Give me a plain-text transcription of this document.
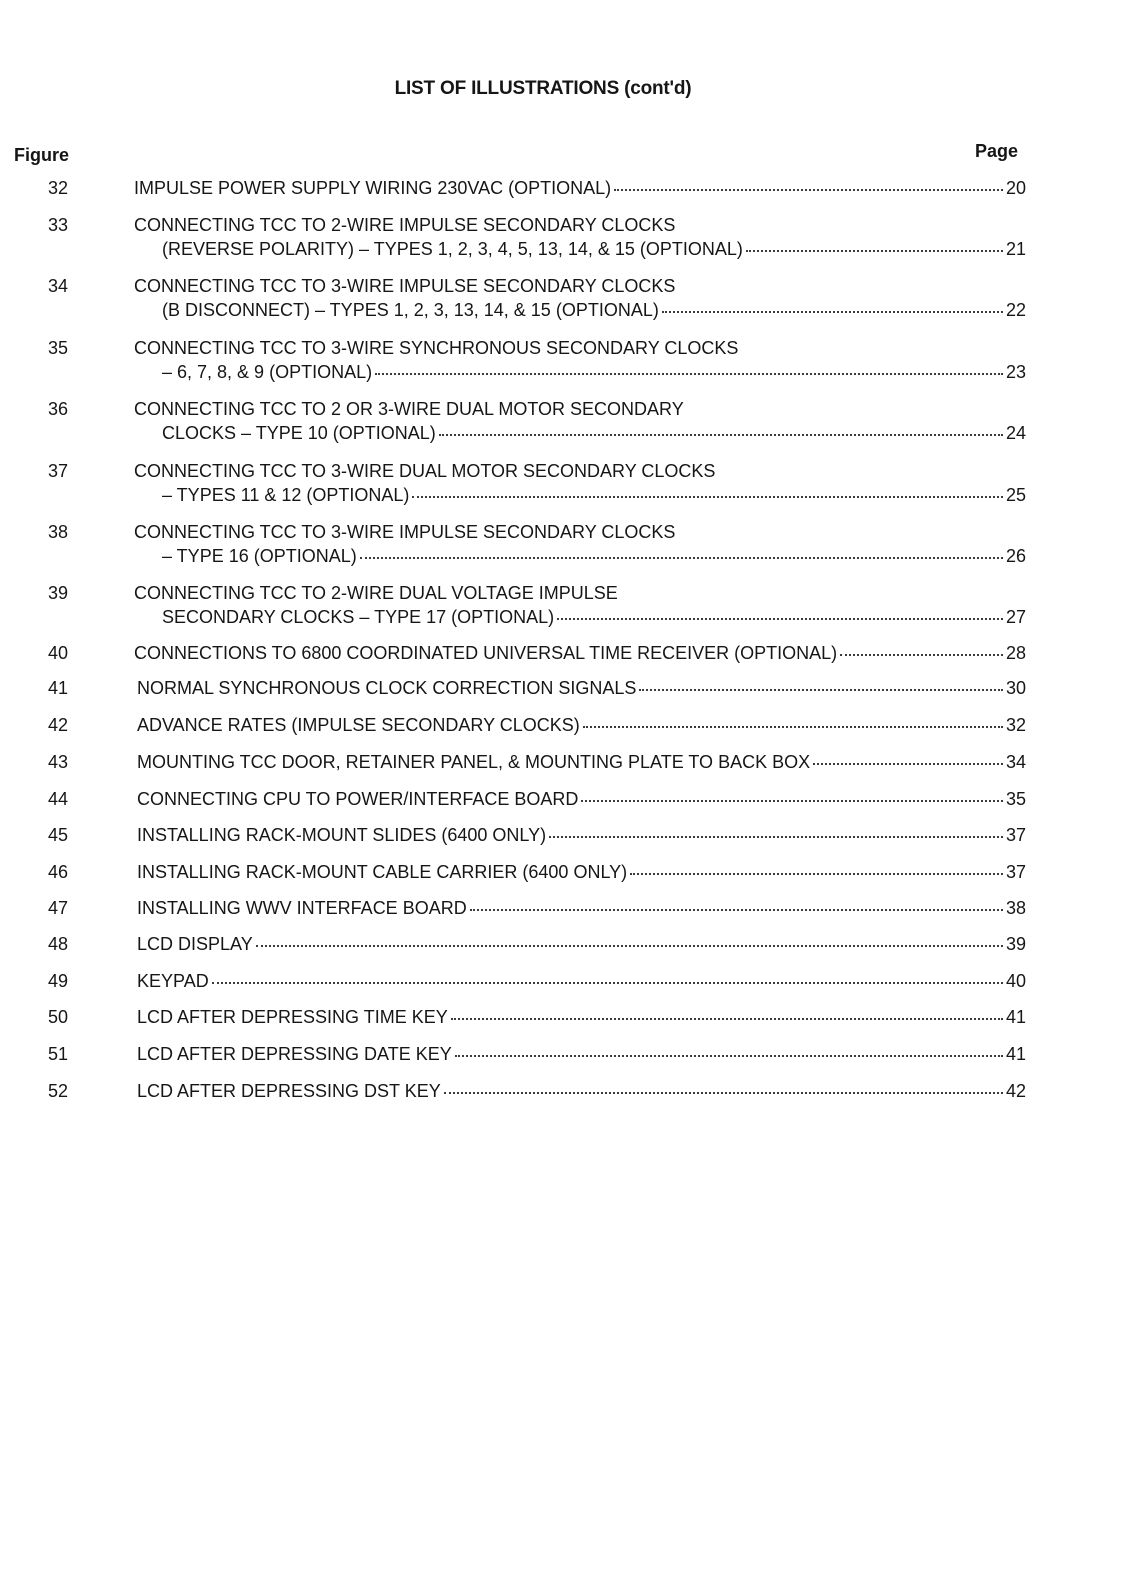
LIST OF ILLUSTRATIONS (cont'd)
Figure	Page
32	IMPULSE POWER SUPPLY WIRING 230VAC (OPTIONAL)	20
33	CONNECTING TCC TO 2-WIRE IMPULSE SECONDARY CLOCKS
(REVERSE POLARITY) – TYPES 1, 2, 3, 4, 5, 13, 14, & 15 (OPTIONAL)	21
34	CONNECTING TCC TO 3-WIRE IMPULSE SECONDARY CLOCKS
(B DISCONNECT) – TYPES 1, 2, 3, 13, 14, & 15 (OPTIONAL)	22
35	CONNECTING TCC TO 3-WIRE SYNCHRONOUS SECONDARY CLOCKS
– 6, 7, 8, & 9 (OPTIONAL)	23
36	CONNECTING TCC TO 2 OR 3-WIRE DUAL MOTOR SECONDARY
CLOCKS – TYPE 10 (OPTIONAL)	24
37	CONNECTING TCC TO 3-WIRE DUAL MOTOR SECONDARY CLOCKS
– TYPES 11 & 12 (OPTIONAL)	25
38	CONNECTING TCC TO 3-WIRE IMPULSE SECONDARY CLOCKS
– TYPE 16 (OPTIONAL)	26
39	CONNECTING TCC TO 2-WIRE DUAL VOLTAGE IMPULSE
SECONDARY CLOCKS – TYPE 17 (OPTIONAL)	27
40	CONNECTIONS TO 6800 COORDINATED UNIVERSAL TIME RECEIVER (OPTIONAL)	28
41	NORMAL SYNCHRONOUS CLOCK CORRECTION SIGNALS	30
42	ADVANCE RATES (IMPULSE SECONDARY CLOCKS)	32
43	MOUNTING TCC DOOR, RETAINER PANEL, & MOUNTING PLATE TO BACK BOX	34
44	CONNECTING CPU TO POWER/INTERFACE BOARD	35
45	INSTALLING RACK-MOUNT SLIDES (6400 ONLY)	37
46	INSTALLING RACK-MOUNT CABLE CARRIER (6400 ONLY)	37
47	INSTALLING WWV INTERFACE BOARD	38
48	LCD DISPLAY	39
49	KEYPAD	40
50	LCD AFTER DEPRESSING TIME KEY	41
51	LCD AFTER DEPRESSING DATE KEY	41
52	LCD AFTER DEPRESSING DST KEY	42
